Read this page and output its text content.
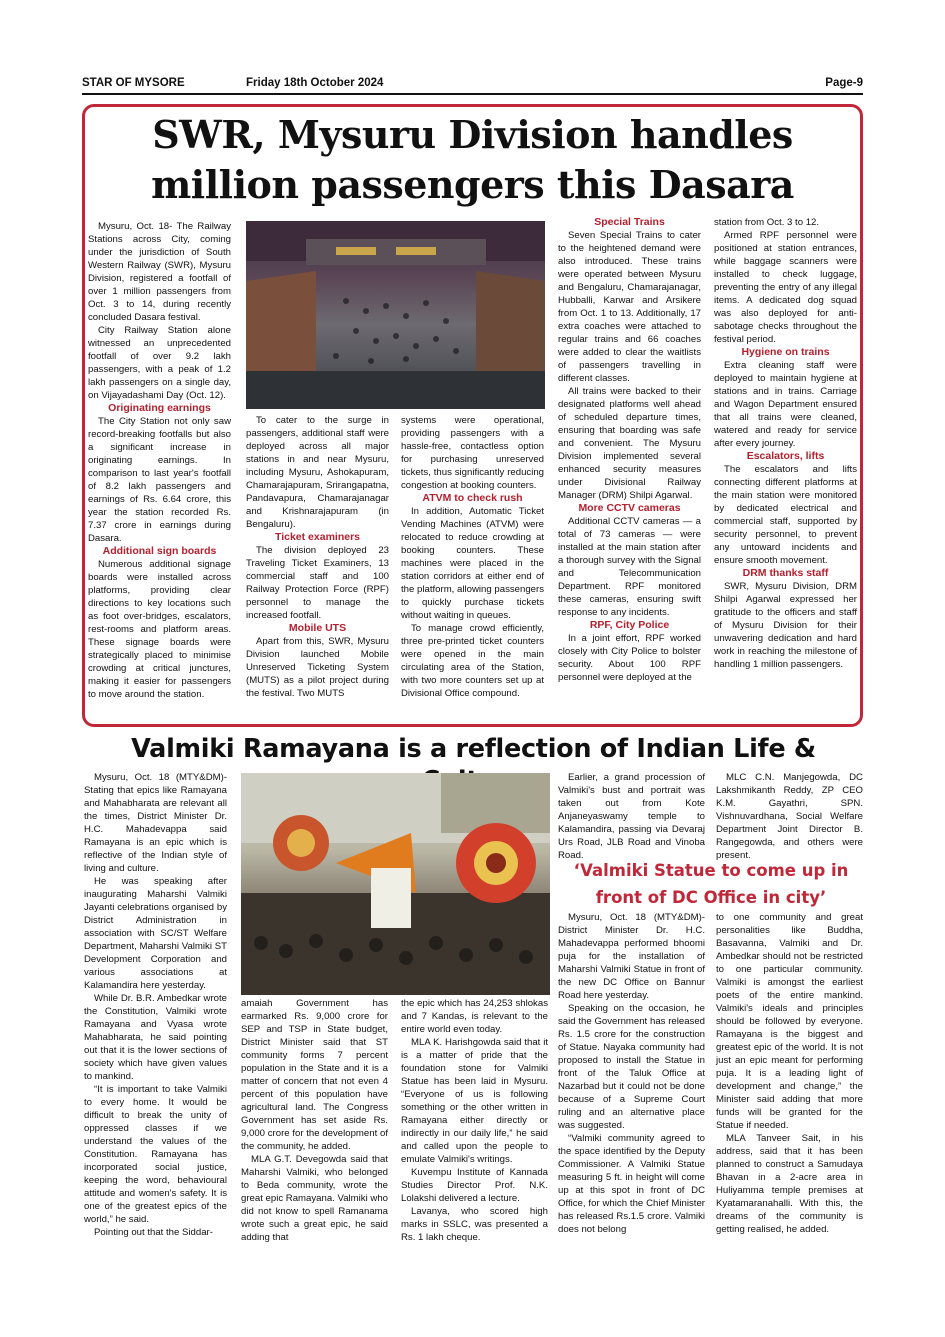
STAR OF MYSORE	Friday 18th October 2024	Page-9
SWR, Mysuru Division handles million passengers this Dasara

Mysuru, Oct. 18- The Railway Stations across City, coming under the jurisdiction of South Western Railway (SWR), Mysuru Division, registered a footfall of over 1 million passengers from Oct. 3 to 14, during recently concluded Dasara festival.

City Railway Station alone witnessed an unprecedented footfall of over 9.2 lakh passengers, with a peak of 1.2 lakh passengers on a single day, on Vijayadashami Day (Oct. 12).

Originating earnings

The City Station not only saw record-breaking footfalls but also a significant increase in originating earnings. In comparison to last year's footfall of 8.2 lakh passengers and earnings of Rs. 6.64 crore, this year the station recorded Rs. 7.37 crore in earnings during Dasara.

Additional sign boards

Numerous additional signage boards were installed across platforms, providing clear directions to key locations such as foot over-bridges, escalators, rest-rooms and platform areas. These signage boards were strategically placed to minimise crowding at critical junctures, making it easier for passengers to move around the station.

To cater to the surge in passengers, additional staff were deployed across all major stations in and near Mysuru, including Mysuru, Ashokapuram, Chamarajapuram, Srirangapatna, Pandavapura, Chamarajanagar and Krishnarajapuram (in Bengaluru).

Ticket examiners

The division deployed 23 Traveling Ticket Examiners, 13 commercial staff and 100 Railway Protection Force (RPF) personnel to manage the increased footfall.

Mobile UTS

Apart from this, SWR, Mysuru Division launched Mobile Unreserved Ticketing System (MUTS) as a pilot project during the festival. Two MUTS

systems were operational, providing passengers with a hassle-free, contactless option for purchasing unreserved tickets, thus significantly reducing congestion at booking counters.

ATVM to check rush

In addition, Automatic Ticket Vending Machines (ATVM) were relocated to reduce crowding at booking counters. These machines were placed in the station corridors at either end of the platform, allowing passengers to quickly purchase tickets without waiting in queues.

To manage crowd efficiently, three pre-printed ticket counters were opened in the main circulating area of the Station, with two more counters set up at Divisional Office compound.

Special Trains

Seven Special Trains to cater to the heightened demand were also introduced. These trains were operated between Mysuru and Bengaluru, Chamarajanagar, Hubballi, Karwar and Arsikere from Oct. 1 to 13. Additionally, 17 extra coaches were attached to regular trains and 66 coaches were added to clear the waitlists of passengers travelling in different classes.

All trains were backed to their designated platforms well ahead of scheduled departure times, ensuring that boarding was safe and convenient. The Mysuru Division implemented several enhanced security measures under Divisional Railway Manager (DRM) Shilpi Agarwal.

More CCTV cameras

Additional CCTV cameras — a total of 73 cameras — were installed at the main station after a thorough survey with the Signal and Telecommunication Department. RPF monitored these cameras, ensuring swift response to any incidents.

RPF, City Police

In a joint effort, RPF worked closely with City Police to bolster security. About 100 RPF personnel were deployed at the

station from Oct. 3 to 12.

Armed RPF personnel were positioned at station entrances, while baggage scanners were installed to check luggage, preventing the entry of any illegal items. A dedicated dog squad was also deployed for anti-sabotage checks throughout the festival period.

Hygiene on trains

Extra cleaning staff were deployed to maintain hygiene at stations and in trains. Carriage and Wagon Department ensured that all trains were cleaned, watered and ready for service after every journey.

Escalators, lifts

The escalators and lifts connecting different platforms at the main station were monitored by dedicated electrical and commercial staff, supported by security personnel, to prevent any untoward incidents and ensure smooth movement.

DRM thanks staff

SWR, Mysuru Division, DRM Shilpi Agarwal expressed her gratitude to the officers and staff of Mysuru Division for their unwavering dedication and hard work in reaching the milestone of handling 1 million passengers.

Valmiki Ramayana is a reflection of Indian Life &

Mysuru, Oct. 18 (MTY&DM)- Stating that epics like Ramayana and Mahabharata are relevant all the times, District Minister Dr. H.C. Mahadevappa said Ramayana is an epic which is reflective of the Indian style of living and culture.

He was speaking after inaugurating Maharshi Valmiki Jayanti celebrations organised by District Administration in association with SC/ST Welfare Department, Maharshi Valmiki ST Development Corporation and various associations at Kalamandira here yesterday.

While Dr. B.R. Ambedkar wrote the Constitution, Valmiki wrote Ramayana and Vyasa wrote Mahabharata, he said pointing out that it is the lower sections of society which have given values to mankind.

“It is important to take Valmiki to every home. It would be difficult to break the unity of oppressed classes if we understand the values of the Constitution. Ramayana has incorporated social justice, keeping the word, behavioural attitude and women's safety. It is one of the greatest epics of the world,” he said.

Pointing out that the Siddar-

amaiah Government has earmarked Rs. 9,000 crore for SEP and TSP in State budget, District Minister said that ST community forms 7 percent population in the State and it is a matter of concern that not even 4 percent of this population have agricultural land. The Congress Government has set aside Rs. 9,000 crore for the development of the community, he added.

MLA G.T. Devegowda said that Maharshi Valmiki, who belonged to Beda community, wrote the great epic Ramayana. Valmiki who did not know to spell Ramanama wrote such a great epic, he said adding that

the epic which has 24,253 shlokas and 7 Kandas, is relevant to the entire world even today.

MLA K. Harishgowda said that it is a matter of pride that the foundation stone for Valmiki Statue has been laid in Mysuru. “Everyone of us is following something or the other written in Ramayana either directly or indirectly in our daily life,” he said and called upon the people to emulate Valmiki's writings.

Kuvempu Institute of Kannada Studies Director Prof. N.K. Lolakshi delivered a lecture.

Lavanya, who scored high marks in SSLC, was presented a Rs. 1 lakh cheque.

Earlier, a grand procession of Valmiki's bust and portrait was taken out from Kote Anjaneyaswamy temple to Kalamandira, passing via Devaraj Urs Road, JLB Road and Vinoba Road.

MLC C.N. Manjegowda, DC Lakshmikanth Reddy, ZP CEO K.M. Gayathri, SPN. Vishnuvardhana, Social Welfare Department Joint Director B. Rangegowda, and others were present.

‘Valmiki Statue to come up in front of DC Office in city’

Mysuru, Oct. 18 (MTY&DM)- District Minister Dr. H.C. Mahadevappa performed bhoomi puja for the installation of Maharshi Valmiki Statue in front of the new DC Office on Bannur Road here yesterday.

Speaking on the occasion, he said the Government has released Rs. 1.5 crore for the construction of Statue. Nayaka community had proposed to install the Statue in front of the Taluk Office at Nazarbad but it could not be done because of a Supreme Court ruling and an alternative place was suggested.

“Valmiki community agreed to the space identified by the Deputy Commissioner. A Valmiki Statue measuring 5 ft. in height will come up at this spot in front of DC Office, for which the Chief Minister has released Rs.1.5 crore. Valmiki does not belong

to one community and great personalities like Buddha, Basavanna, Valmiki and Dr. Ambedkar should not be restricted to one particular community. Valmiki is amongst the earliest poets of the entire mankind. Valmiki's ideals and principles should be followed by everyone. Ramayana is the biggest and greatest epic of the world. It is not just an epic meant for performing puja. It is a leading light of development and change,” the Minister said adding that more funds will be granted for the Statue if needed.

MLA Tanveer Sait, in his address, said that it has been planned to construct a Samudaya Bhavan in a 2-acre area in Huliyamma temple premises at Kyatamaranahalli. With this, the dreams of the community is getting realised, he added.
